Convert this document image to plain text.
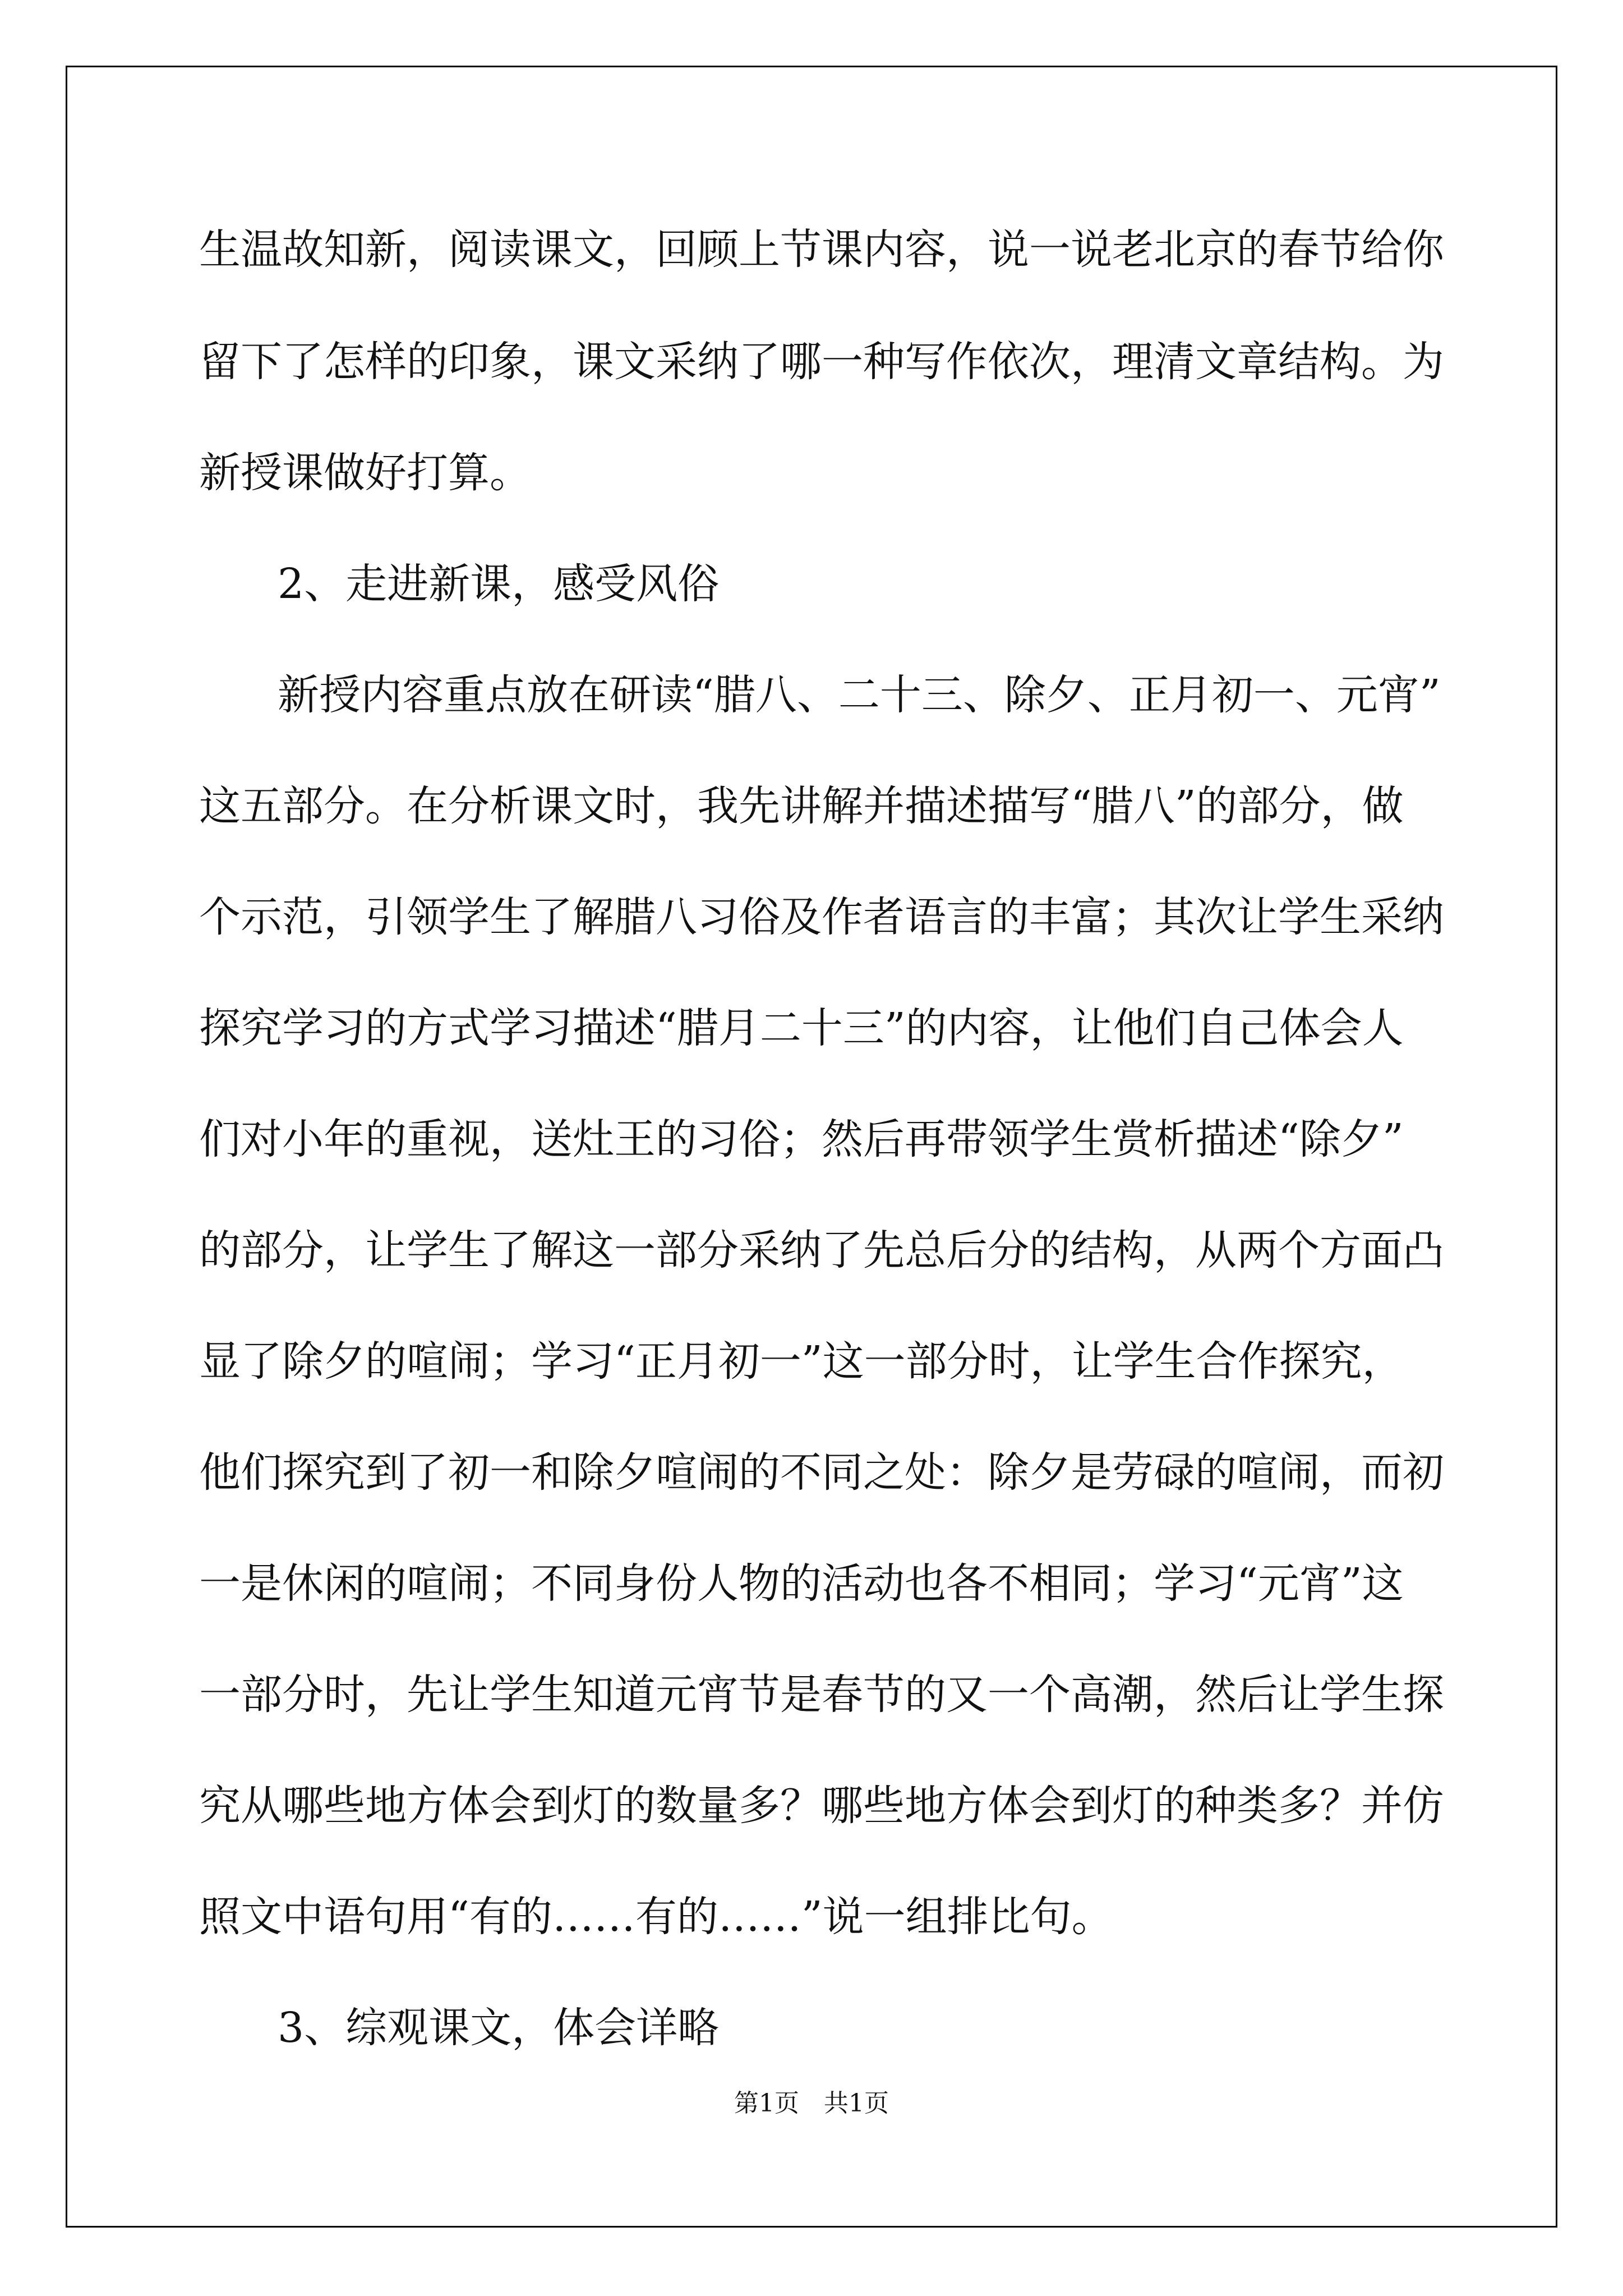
生温故知新，阅读课文，回顾上节课内容，说一说老北京的春节给你

留下了怎样的印象，课文采纳了哪一种写作依次，理清文章结构。为

新授课做好打算。

2、走进新课，感受风俗

新授内容重点放在研读“腊八、二十三、除夕、正月初一、元宵”

这五部分。在分析课文时，我先讲解并描述描写“腊八”的部分，做

个示范，引领学生了解腊八习俗及作者语言的丰富；其次让学生采纳

探究学习的方式学习描述“腊月二十三”的内容，让他们自己体会人

们对小年的重视，送灶王的习俗；然后再带领学生赏析描述“除夕”

的部分，让学生了解这一部分采纳了先总后分的结构，从两个方面凸

显了除夕的喧闹；学习“正月初一”这一部分时，让学生合作探究，

他们探究到了初一和除夕喧闹的不同之处：除夕是劳碌的喧闹，而初

一是休闲的喧闹；不同身份人物的活动也各不相同；学习“元宵”这

一部分时，先让学生知道元宵节是春节的又一个高潮，然后让学生探

究从哪些地方体会到灯的数量多？哪些地方体会到灯的种类多？并仿

照文中语句用“有的……有的……”说一组排比句。

3、综观课文，体会详略

第1页　共1页
